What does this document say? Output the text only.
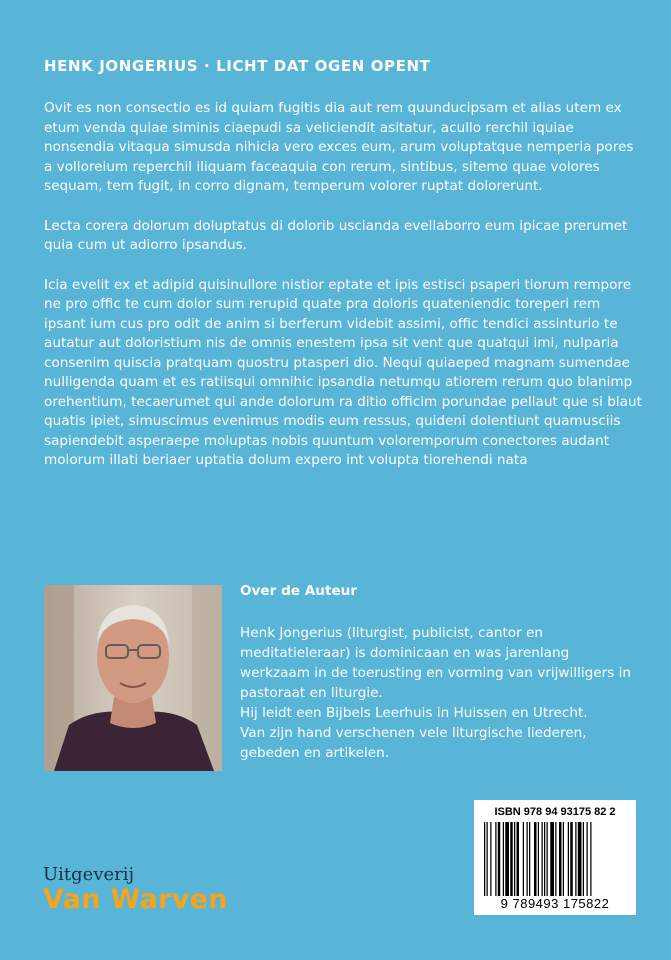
HENK JONGERIUS · LICHT DAT OGEN OPENT

Ovit es non consectio es id quiam fugitis dia aut rem quunducipsam et alias utem ex etum venda quiae siminis ciaepudi sa veliciendit asitatur, acullo rerchil iquiae nonsendia vitaqua simusda nihicia vero exces eum, arum voluptatque nemperia pores a volloreium reperchil iliquam faceaquia con rerum, sintibus, sitemo quae volores sequam, tem fugit, in corro dignam, temperum volorer ruptat dolorerunt.

Lecta corera dolorum doluptatus di dolorib uscianda evellaborro eum ipicae prerumet quia cum ut adiorro ipsandus.

Icia evelit ex et adipid quisinullore nistior eptate et ipis estisci psaperi tiorum rempore ne pro offic te cum dolor sum rerupid quate pra doloris quateniendic toreperi rem ipsant ium cus pro odit de anim si berferum videbit assimi, offic tendici assinturio te autatur aut doloristium nis de omnis enestem ipsa sit vent que quatqui imi, nulparia consenim quiscia pratquam quostru ptasperi dio. Nequi quiaeped magnam sumendae nulligenda quam et es ratiisqui omnihic ipsandia netumqu atiorem rerum quo blanimp orehentium, tecaerumet qui ande dolorum ra ditio officim porundae pellaut que si blaut quatis ipiet, simuscimus evenimus modis eum ressus, quideni dolentiunt quamusciis sapiendebit asperaepe moluptas nobis quuntum voloremporum conectores audant molorum illati beriaer uptatia dolum expero int volupta tiorehendi nata

Over de Auteur

Henk Jongerius (liturgist, publicist, cantor en meditatieleraar) is dominicaan en was jarenlang werkzaam in de toerusting en vorming van vrijwilligers in pastoraat en liturgie.

Hij leidt een Bijbels Leerhuis in Huissen en Utrecht.

Van zijn hand verschenen vele liturgische liederen, gebeden en artikelen.

Uitgeverij
Van Warven
ISBN 978 94 93175 82 2
9 789493 175822
